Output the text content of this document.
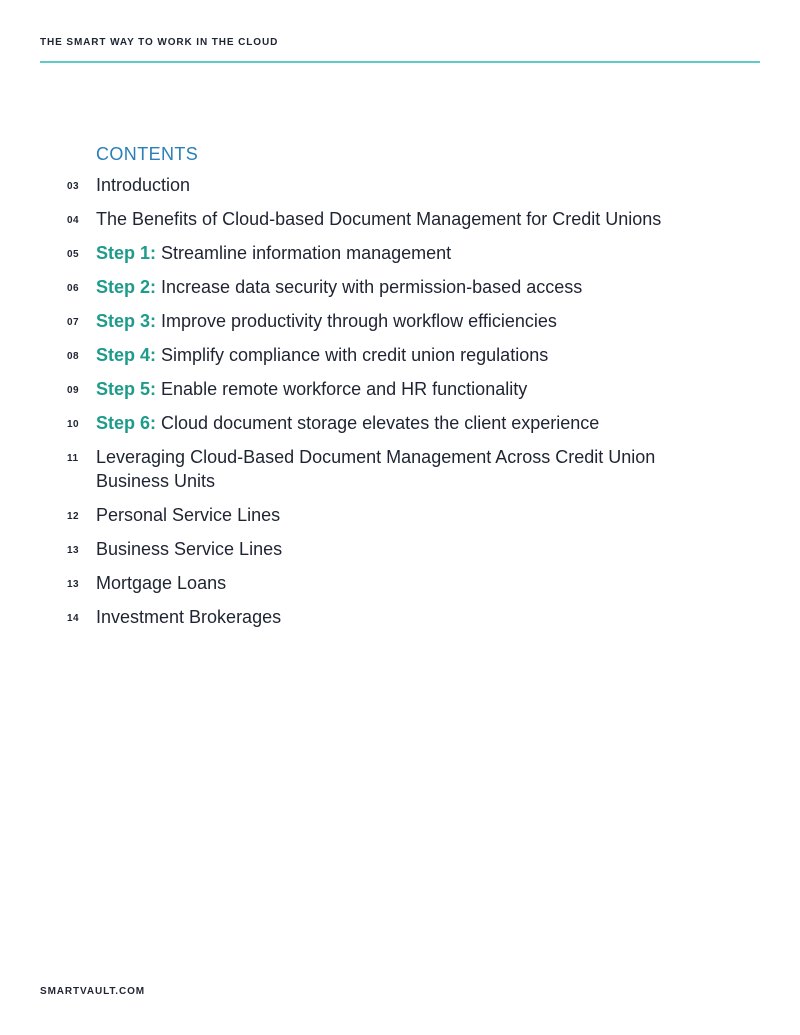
THE SMART WAY TO WORK IN THE CLOUD
CONTENTS
03 Introduction
04 The Benefits of Cloud-based Document Management for Credit Unions
05 Step 1: Streamline information management
06 Step 2: Increase data security with permission-based access
07 Step 3: Improve productivity through workflow efficiencies
08 Step 4: Simplify compliance with credit union regulations
09 Step 5: Enable remote workforce and HR functionality
10 Step 6: Cloud document storage elevates the client experience
11 Leveraging Cloud-Based Document Management Across Credit Union Business Units
12 Personal Service Lines
13 Business Service Lines
13 Mortgage Loans
14 Investment Brokerages
SMARTVAULT.COM
